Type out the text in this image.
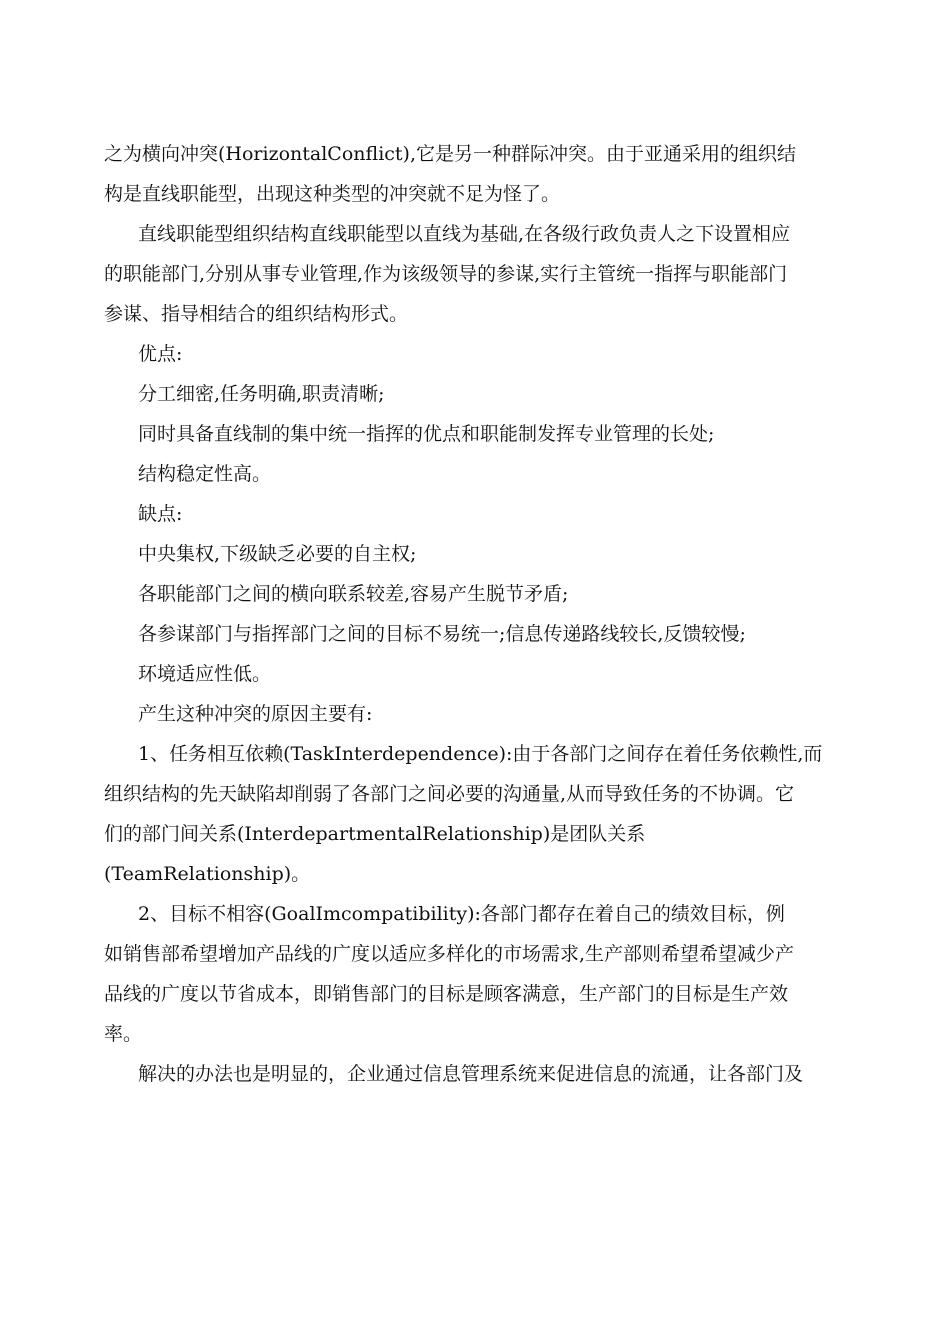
之为横向冲突(HorizontalConflict),它是另一种群际冲突。由于亚通采用的组织结
构是直线职能型，出现这种类型的冲突就不足为怪了。
直线职能型组织结构直线职能型以直线为基础,在各级行政负责人之下设置相应
的职能部门,分别从事专业管理,作为该级领导的参谋,实行主管统一指挥与职能部门
参谋、指导相结合的组织结构形式。
优点:
分工细密,任务明确,职责清晰;
同时具备直线制的集中统一指挥的优点和职能制发挥专业管理的长处;
结构稳定性高。
缺点:
中央集权,下级缺乏必要的自主权;
各职能部门之间的横向联系较差,容易产生脱节矛盾;
各参谋部门与指挥部门之间的目标不易统一;信息传递路线较长,反馈较慢;
环境适应性低。
产生这种冲突的原因主要有:
1、任务相互依赖(TaskInterdependence):由于各部门之间存在着任务依赖性,而
组织结构的先天缺陷却削弱了各部门之间必要的沟通量,从而导致任务的不协调。它
们的部门间关系(InterdepartmentalRelationship)是团队关系
(TeamRelationship)。
2、目标不相容(GoalImcompatibility):各部门都存在着自己的绩效目标，例
如销售部希望增加产品线的广度以适应多样化的市场需求,生产部则希望希望减少产
品线的广度以节省成本，即销售部门的目标是顾客满意，生产部门的目标是生产效
率。
解决的办法也是明显的，企业通过信息管理系统来促进信息的流通，让各部门及
